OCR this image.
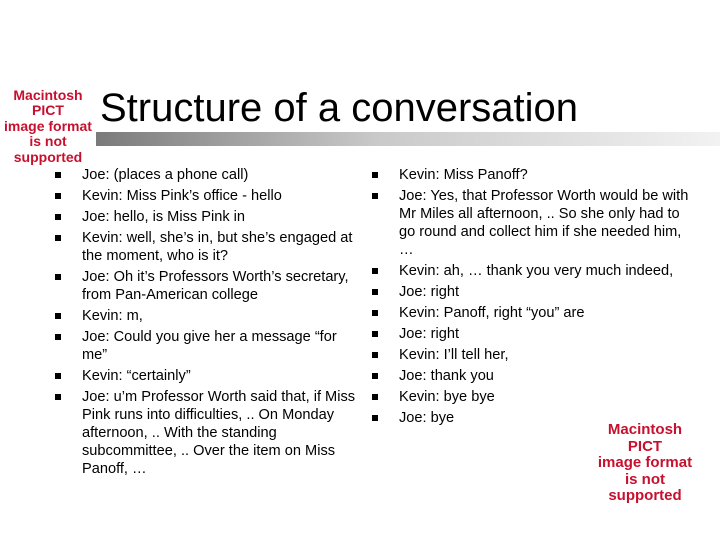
Macintosh PICT
image format
is not supported
Structure of a conversation
Joe: (places a phone call)
Kevin: Miss Pink’s office - hello
Joe: hello, is Miss Pink in
Kevin: well, she’s in, but she’s engaged at the moment, who is it?
Joe: Oh it’s Professors Worth’s secretary, from Pan-American college
Kevin: m,
Joe: Could you give her a message “for me”
Kevin: “certainly”
Joe: u’m Professor Worth said that, if Miss Pink runs into difficulties, .. On Monday afternoon, .. With the standing subcommittee, .. Over the item on Miss Panoff, …
Kevin: Miss Panoff?
Joe: Yes, that Professor Worth would be with Mr Miles all afternoon, .. So she only had to go round and collect him if she needed him, …
Kevin: ah, … thank you very much indeed,
Joe: right
Kevin: Panoff, right “you” are
Joe: right
Kevin: I’ll tell her,
Joe: thank you
Kevin: bye bye
Joe: bye
Macintosh PICT
image format
is not supported
